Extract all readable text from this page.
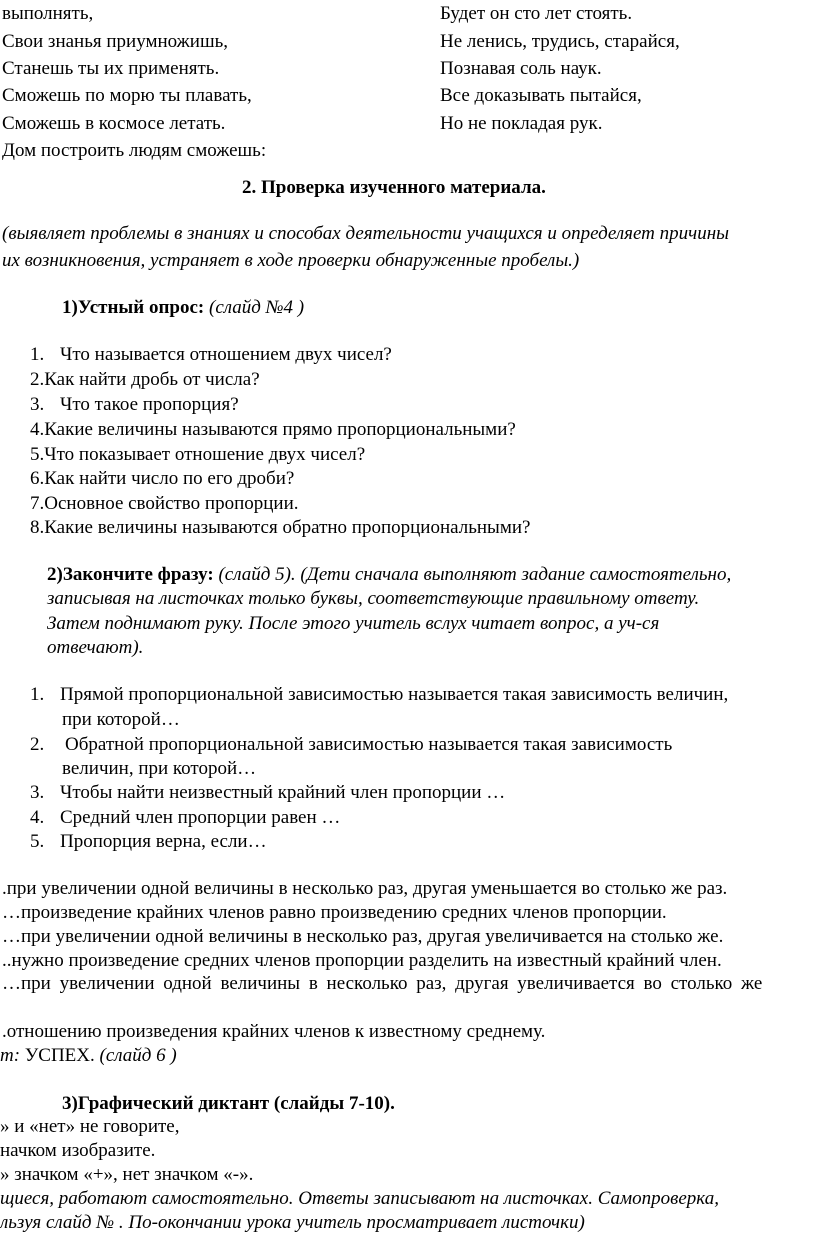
выполнять,
Свои знанья приумножишь,
Станешь ты их применять.
Сможешь по морю ты плавать,
Сможешь в космосе летать.
Дом построить людям сможешь:
Будет он сто лет стоять.
Не ленись, трудись, старайся,
Познавая соль наук.
Все доказывать пытайся,
Но не покладая рук.
2. Проверка изученного материала.
(выявляет проблемы в знаниях и способах деятельности учащихся и определяет причины
их возникновения, устраняет в ходе проверки обнаруженные пробелы.)
1)Устный опрос: (слайд №4 )
1. Что называется отношением двух чисел?
2.Как найти дробь от числа?
3. Что такое пропорция?
4.Какие величины называются прямо пропорциональными?
5.Что показывает отношение двух чисел?
6.Как найти число по его дроби?
7.Основное свойство пропорции.
8.Какие величины называются обратно пропорциональными?
2)Закончите фразу: (слайд 5). (Дети сначала выполняют задание самостоятельно,
записывая на листочках только буквы, соответствующие правильному ответу.
Затем поднимают руку. После этого учитель вслух читает вопрос, а уч-ся
отвечают).
1. Прямой пропорциональной зависимостью называется такая зависимость величин,
при которой…
2. Обратной пропорциональной зависимостью называется такая зависимость
величин, при которой…
3. Чтобы найти неизвестный крайний член пропорции …
4. Средний член пропорции равен …
5. Пропорция верна, если…
.при увеличении одной величины в несколько раз, другая уменьшается во столько же раз.
…произведение крайних членов равно произведению средних членов пропорции.
…при увеличении одной величины в несколько раз, другая увеличивается на столько же.
..нужно произведение средних членов пропорции разделить на известный крайний член.
…при увеличении одной величины в несколько раз, другая увеличивается во столько же
.отношению произведения крайних членов к известному среднему.
т: УСПЕХ. (слайд 6 )
3)Графический диктант (слайды 7-10).
» и «нет» не говорите,
начком изобразите.
» значком «+», нет значком «-».
щиеся, работают самостоятельно. Ответы записывают на листочках. Самопроверка,
льзуя слайд № . По-окончании урока учитель просматривает листочки)
